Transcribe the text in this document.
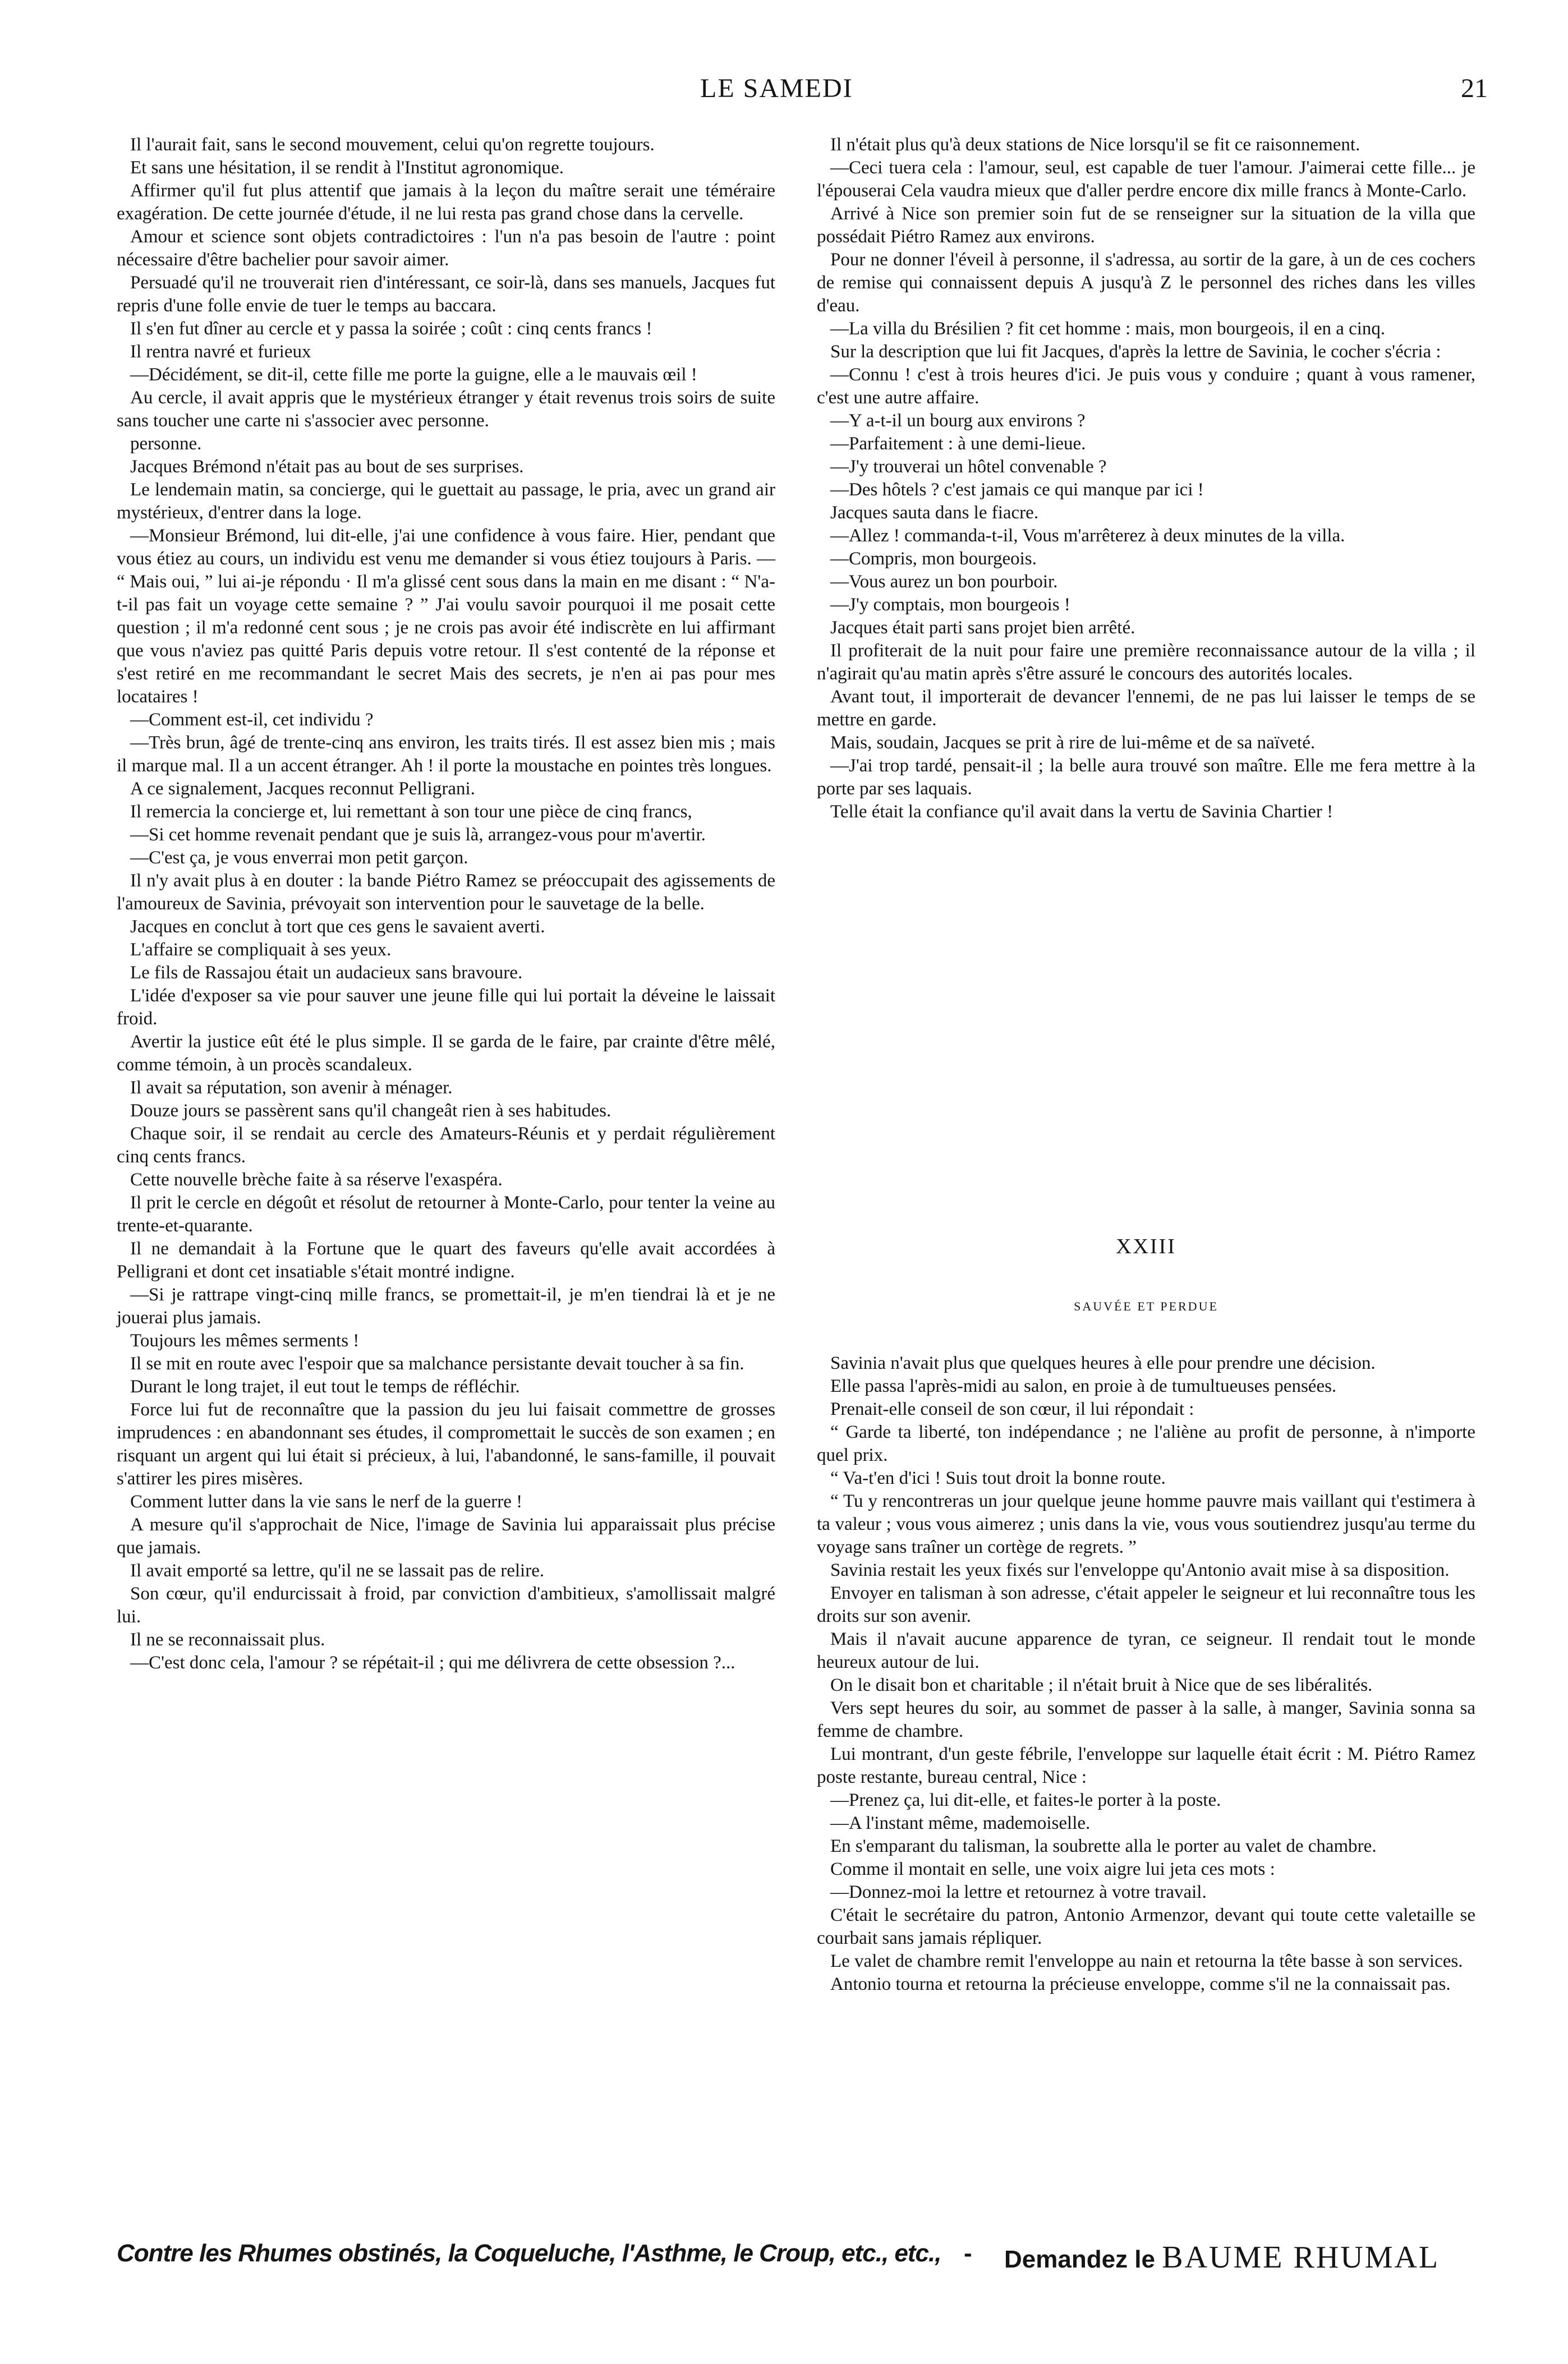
LE SAMEDI	21

Il l'aurait fait, sans le second mouvement, celui qu'on regrette toujours.

Et sans une hésitation, il se rendit à l'Institut agronomique.

Affirmer qu'il fut plus attentif que jamais à la leçon du maître serait une téméraire exagération. De cette journée d'étude, il ne lui resta pas grand chose dans la cervelle.

Amour et science sont objets contradictoires : l'un n'a pas besoin de l'autre : point nécessaire d'être bachelier pour savoir aimer.

Persuadé qu'il ne trouverait rien d'intéressant, ce soir-là, dans ses manuels, Jacques fut repris d'une folle envie de tuer le temps au baccara.

Il s'en fut dîner au cercle et y passa la soirée ; coût : cinq cents francs !

Il rentra navré et furieux

—Décidément, se dit-il, cette fille me porte la guigne, elle a le mauvais œil !

Au cercle, il avait appris que le mystérieux étranger y était revenus trois soirs de suite sans toucher une carte ni s'associer avec personne.

personne.

Jacques Brémond n'était pas au bout de ses surprises.

Le lendemain matin, sa concierge, qui le guettait au passage, le pria, avec un grand air mystérieux, d'entrer dans la loge.

—Monsieur Brémond, lui dit-elle, j'ai une confidence à vous faire. Hier, pendant que vous étiez au cours, un individu est venu me demander si vous étiez toujours à Paris. — “ Mais oui, ” lui ai-je répondu · Il m'a glissé cent sous dans la main en me disant : “ N'a-t-il pas fait un voyage cette semaine ? ” J'ai voulu savoir pourquoi il me posait cette question ; il m'a redonné cent sous ; je ne crois pas avoir été indiscrète en lui affirmant que vous n'aviez pas quitté Paris depuis votre retour. Il s'est contenté de la réponse et s'est retiré en me recommandant le secret Mais des secrets, je n'en ai pas pour mes locataires !

—Comment est-il, cet individu ?

—Très brun, âgé de trente-cinq ans environ, les traits tirés. Il est assez bien mis ; mais il marque mal. Il a un accent étranger. Ah ! il porte la moustache en pointes très longues.

A ce signalement, Jacques reconnut Pelligrani.

Il remercia la concierge et, lui remettant à son tour une pièce de cinq francs,

—Si cet homme revenait pendant que je suis là, arrangez-vous pour m'avertir.

—C'est ça, je vous enverrai mon petit garçon.

Il n'y avait plus à en douter : la bande Piétro Ramez se préoccupait des agissements de l'amoureux de Savinia, prévoyait son intervention pour le sauvetage de la belle.

Jacques en conclut à tort que ces gens le savaient averti.

L'affaire se compliquait à ses yeux.

Le fils de Rassajou était un audacieux sans bravoure.

L'idée d'exposer sa vie pour sauver une jeune fille qui lui portait la déveine le laissait froid.

Avertir la justice eût été le plus simple. Il se garda de le faire, par crainte d'être mêlé, comme témoin, à un procès scandaleux.

Il avait sa réputation, son avenir à ménager.

Douze jours se passèrent sans qu'il changeât rien à ses habitudes.

Chaque soir, il se rendait au cercle des Amateurs-Réunis et y perdait régulièrement cinq cents francs.

Cette nouvelle brèche faite à sa réserve l'exaspéra.

Il prit le cercle en dégoût et résolut de retourner à Monte-Carlo, pour tenter la veine au trente-et-quarante.

Il ne demandait à la Fortune que le quart des faveurs qu'elle avait accordées à Pelligrani et dont cet insatiable s'était montré indigne.

—Si je rattrape vingt-cinq mille francs, se promettait-il, je m'en tiendrai là et je ne jouerai plus jamais.

Toujours les mêmes serments !

Il se mit en route avec l'espoir que sa malchance persistante devait toucher à sa fin.

Durant le long trajet, il eut tout le temps de réfléchir.

Force lui fut de reconnaître que la passion du jeu lui faisait commettre de grosses imprudences : en abandonnant ses études, il compromettait le succès de son examen ; en risquant un argent qui lui était si précieux, à lui, l'abandonné, le sans-famille, il pouvait s'attirer les pires misères.

Comment lutter dans la vie sans le nerf de la guerre !

A mesure qu'il s'approchait de Nice, l'image de Savinia lui apparaissait plus précise que jamais.

Il avait emporté sa lettre, qu'il ne se lassait pas de relire.

Son cœur, qu'il endurcissait à froid, par conviction d'ambitieux, s'amollissait malgré lui.

Il ne se reconnaissait plus.

—C'est donc cela, l'amour ? se répétait-il ; qui me délivrera de cette obsession ?...

Il n'était plus qu'à deux stations de Nice lorsqu'il se fit ce raisonnement.

—Ceci tuera cela : l'amour, seul, est capable de tuer l'amour. J'aimerai cette fille... je l'épouserai Cela vaudra mieux que d'aller perdre encore dix mille francs à Monte-Carlo.

Arrivé à Nice son premier soin fut de se renseigner sur la situation de la villa que possédait Piétro Ramez aux environs.

Pour ne donner l'éveil à personne, il s'adressa, au sortir de la gare, à un de ces cochers de remise qui connaissent depuis A jusqu'à Z le personnel des riches dans les villes d'eau.

—La villa du Brésilien ? fit cet homme : mais, mon bourgeois, il en a cinq.

Sur la description que lui fit Jacques, d'après la lettre de Savinia, le cocher s'écria :

—Connu ! c'est à trois heures d'ici. Je puis vous y conduire ; quant à vous ramener, c'est une autre affaire.

—Y a-t-il un bourg aux environs ?

—Parfaitement : à une demi-lieue.

—J'y trouverai un hôtel convenable ?

—Des hôtels ? c'est jamais ce qui manque par ici !

Jacques sauta dans le fiacre.

—Allez ! commanda-t-il, Vous m'arrêterez à deux minutes de la villa.

—Compris, mon bourgeois.

—Vous aurez un bon pourboir.

—J'y comptais, mon bourgeois !

Jacques était parti sans projet bien arrêté.

Il profiterait de la nuit pour faire une première reconnaissance autour de la villa ; il n'agirait qu'au matin après s'être assuré le concours des autorités locales.

Avant tout, il importerait de devancer l'ennemi, de ne pas lui laisser le temps de se mettre en garde.

Mais, soudain, Jacques se prit à rire de lui-même et de sa naïveté.

—J'ai trop tardé, pensait-il ; la belle aura trouvé son maître. Elle me fera mettre à la porte par ses laquais.

Telle était la confiance qu'il avait dans la vertu de Savinia Chartier !

XXIII
SAUVÉE ET PERDUE

Savinia n'avait plus que quelques heures à elle pour prendre une décision.

Elle passa l'après-midi au salon, en proie à de tumultueuses pensées.

Prenait-elle conseil de son cœur, il lui répondait :

“ Garde ta liberté, ton indépendance ; ne l'aliène au profit de personne, à n'importe quel prix.

“ Va-t'en d'ici ! Suis tout droit la bonne route.

“ Tu y rencontreras un jour quelque jeune homme pauvre mais vaillant qui t'estimera à ta valeur ; vous vous aimerez ; unis dans la vie, vous vous soutiendrez jusqu'au terme du voyage sans traîner un cortège de regrets. ”

Savinia restait les yeux fixés sur l'enveloppe qu'Antonio avait mise à sa disposition.

Envoyer en talisman à son adresse, c'était appeler le seigneur et lui reconnaître tous les droits sur son avenir.

Mais il n'avait aucune apparence de tyran, ce seigneur. Il rendait tout le monde heureux autour de lui.

On le disait bon et charitable ; il n'était bruit à Nice que de ses libéralités.

Vers sept heures du soir, au sommet de passer à la salle, à manger, Savinia sonna sa femme de chambre.

Lui montrant, d'un geste fébrile, l'enveloppe sur laquelle était écrit : M. Piétro Ramez poste restante, bureau central, Nice :

—Prenez ça, lui dit-elle, et faites-le porter à la poste.

—A l'instant même, mademoiselle.

En s'emparant du talisman, la soubrette alla le porter au valet de chambre.

Comme il montait en selle, une voix aigre lui jeta ces mots :

—Donnez-moi la lettre et retournez à votre travail.

C'était le secrétaire du patron, Antonio Armenzor, devant qui toute cette valetaille se courbait sans jamais répliquer.

Le valet de chambre remit l'enveloppe au nain et retourna la tête basse à son services.

Antonio tourna et retourna la précieuse enveloppe, comme s'il ne la connaissait pas.

Contre les Rhumes obstinés, la Coqueluche, l'Asthme, le Croup, etc., etc., - Demandez le BAUME RHUMAL
